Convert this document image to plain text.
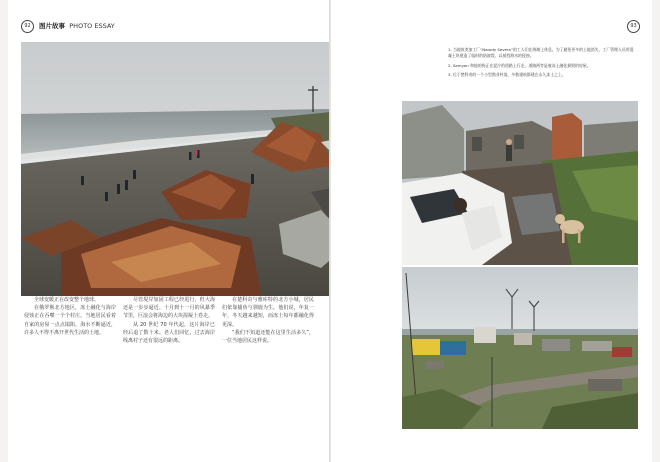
92	图片故事 PHOTO ESSAY

全球变暖正在改变整个地球。

在俄罗斯北方地区，冻土融化与海岸侵蚀正在吞噬一个个村庄。当地居民看着自家的房屋一点点塌陷，海水不断逼近，许多人不得不离开世代生活的土地。

尽管堤岸加固工程已经进行，但大海还是一步步逼近。十月到十一月的风暴季节里，巨浪会将海边的大块混凝土卷走。

从 20 世纪 70 年代起，这片海岸已经后退了数十米。老人们回忆，过去海岸线离村子还有很远的距离。

在楚科奇与雅库特的北方小城，居民们依靠捕鱼与驯鹿为生。他们说，年复一年，冬天越来越短，而冻土每年都融化得更深。

“我们不知道还能在这里生活多久”，一位当地居民这样说。

93
2
3
1. 当地鱼类加工厂“Narody Severa”的工人们在海滩上休息。为了避免更多的土地消失，工厂管理人员用混凝土块建造了临时的防波堤，以抵挡海水的侵蚀。
2. Semyon 和他的狗正在泥泞的道路上行走，道路两旁是被冻土融化损毁的房屋。
3. 位于楚科奇的一个小型渔业村落，多数建筑都建在永久冻土之上。
